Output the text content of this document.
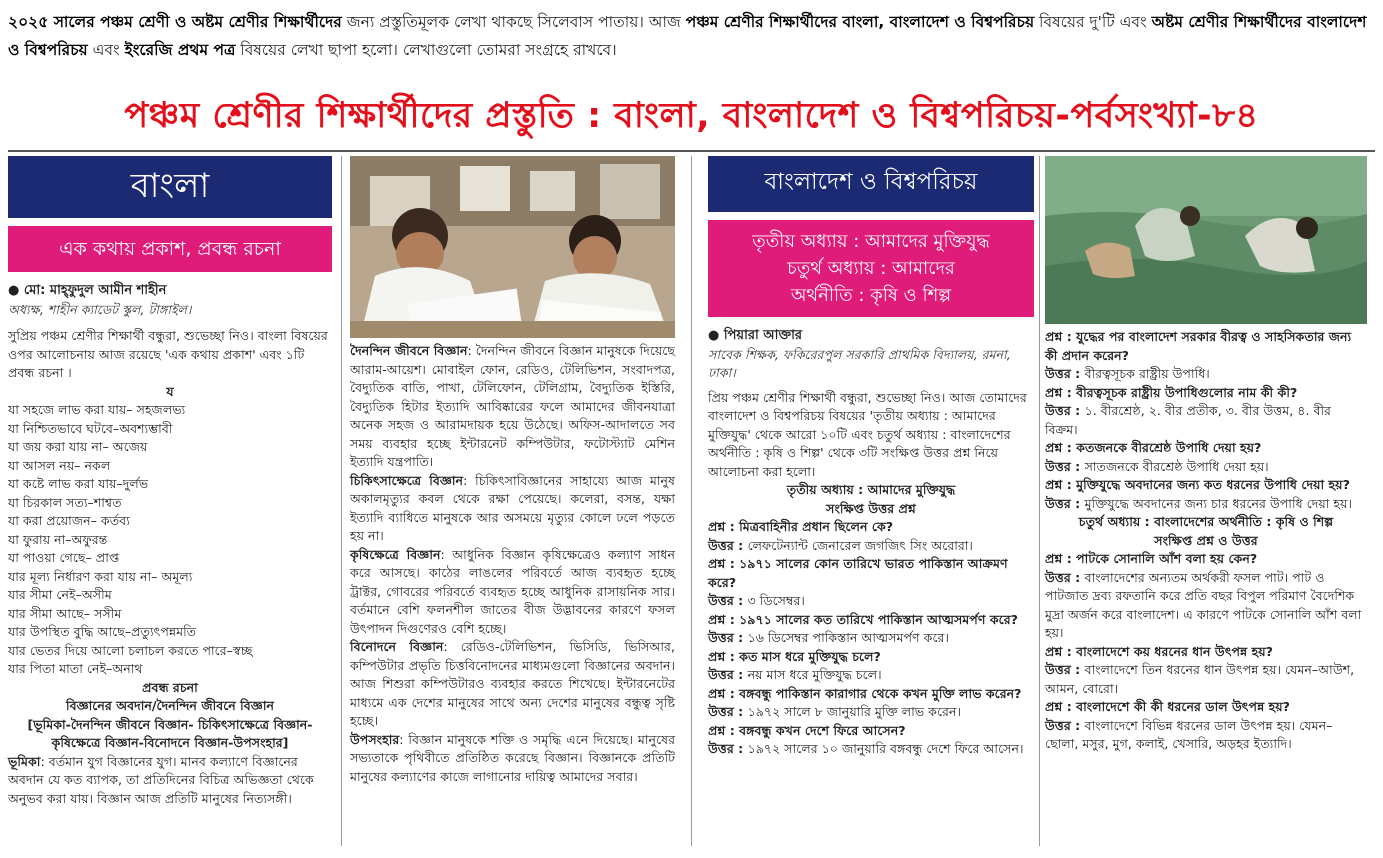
২০২৫ সালের পঞ্চম শ্রেণী ও অষ্টম শ্রেণীর শিক্ষার্থীদের জন্য প্রস্তুতিমূলক লেখা থাকছে সিলেবাস পাতায়। আজ পঞ্চম শ্রেণীর শিক্ষার্থীদের বাংলা, বাংলাদেশ ও বিশ্বপরিচয় বিষয়ের দু'টি এবং অষ্টম শ্রেণীর শিক্ষার্থীদের বাংলাদেশ ও বিশ্বপরিচয় এবং ইংরেজি প্রথম পত্র বিষয়ের লেখা ছাপা হলো। লেখাগুলো তোমরা সংগ্রহে রাখবে।
পঞ্চম শ্রেণীর শিক্ষার্থীদের প্রস্তুতি : বাংলা, বাংলাদেশ ও বিশ্বপরিচয়-পর্বসংখ্যা-৮৪
বাংলা
এক কথায় প্রকাশ, প্রবন্ধ রচনা
● মো: মাহ্ফুদুল আমীন শাহীন
অধ্যক্ষ, শাহীন ক্যাডেট স্কুল, টাঙ্গাইল।
সুপ্রিয় পঞ্চম শ্রেণীর শিক্ষার্থী বন্ধুরা, শুভেচ্ছা নিও। বাংলা বিষয়ের ওপর আলোচনায় আজ রয়েছে 'এক কথায় প্রকাশ' এবং ১টি প্রবন্ধ রচনা ।
য
যা সহজে লাভ করা যায়– সহজলভ্য
যা নিশ্চিতভাবে ঘটবে–অবশ্যম্ভাবী
যা জয় করা যায় না– অজেয়
যা আসল নয়– নকল
যা কষ্টে লাভ করা যায়–দুর্লভ
যা চিরকাল সত্য–শাশ্বত
যা করা প্রয়োজন– কর্তব্য
যা ফুরায় না–অফুরন্ত
যা পাওয়া গেছে– প্রাপ্ত
যার মূল্য নির্ধারণ করা যায় না– অমূল্য
যার সীমা নেই–অসীম
যার সীমা আছে– সসীম
যার উপস্থিত বুদ্ধি আছে–প্রত্যুৎপন্নমতি
যার ভেতর দিয়ে আলো চলাচল করতে পারে–স্বচ্ছ
যার পিতা মাতা নেই–অনাথ
প্রবন্ধ রচনা
বিজ্ঞানের অবদান/দৈনন্দিন জীবনে বিজ্ঞান
[ভূমিকা-দৈনন্দিন জীবনে বিজ্ঞান- চিকিৎসাক্ষেত্রে বিজ্ঞান-কৃষিক্ষেত্রে বিজ্ঞান-বিনোদনে বিজ্ঞান-উপসংহার]
ভূমিকা: বর্তমান যুগ বিজ্ঞানের যুগ। মানব কল্যাণে বিজ্ঞানের অবদান যে কত ব্যাপক, তা প্রতিদিনের বিচিত্র অভিজ্ঞতা থেকে অনুভব করা যায়। বিজ্ঞান আজ প্রতিটি মানুষের নিত্যসঙ্গী।
দৈনন্দিন জীবনে বিজ্ঞান: দৈনন্দিন জীবনে বিজ্ঞান মানুষকে দিয়েছে আরাম-আয়েশ। মোবাইল ফোন, রেডিও, টেলিভিশন, সংবাদপত্র, বৈদ্যুতিক বাতি, পাখা, টেলিফোন, টেলিগ্রাম, বৈদ্যুতিক ইস্তিরি, বৈদ্যুতিক হিটার ইত্যাদি আবিষ্কারের ফলে আমাদের জীবনযাত্রা অনেক সহজ ও আরামদায়ক হয়ে উঠেছে। অফিস-আদালতে সব সময় ব্যবহার হচ্ছে ইন্টারনেট কম্পিউটার, ফটোস্ট্যাট মেশিন ইত্যাদি যন্ত্রপাতি।
চিকিৎসাক্ষেত্রে বিজ্ঞান: চিকিৎসাবিজ্ঞানের সাহায্যে আজ মানুষ অকালমৃত্যুর কবল থেকে রক্ষা পেয়েছে। কলেরা, বসন্ত, যক্ষা ইত্যাদি ব্যাধিতে মানুষকে আর অসময়ে মৃত্যুর কোলে ঢলে পড়তে হয় না।
কৃষিক্ষেত্রে বিজ্ঞান: আধুনিক বিজ্ঞান কৃষিক্ষেত্রেও কল্যাণ সাধন করে আসছে। কাঠের লাঙলের পরিবর্তে আজ ব্যবহৃত হচ্ছে ট্রাক্টর, গোবরের পরিবর্তে ব্যবহৃত হচ্ছে আধুনিক রাসায়নিক সার। বর্তমানে বেশি ফলনশীল জাতের বীজ উদ্ভাবনের কারণে ফসল উৎপাদন দিগুণেরও বেশি হচ্ছে।
বিনোদনে বিজ্ঞান: রেডিও-টেলিভিশন, ভিসিডি, ভিসিআর, কম্পিউটার প্রভৃতি চিত্তবিনোদনের মাধ্যমগুলো বিজ্ঞানের অবদান। আজ শিশুরা কম্পিউটারও ব্যবহার করতে শিখেছে। ইন্টারনেটের মাধ্যমে এক দেশের মানুষের সাথে অন্য দেশের মানুষের বন্ধুত্ব সৃষ্টি হচ্ছে।
উপসংহার: বিজ্ঞান মানুষকে শক্তি ও সমৃদ্ধি এনে দিয়েছে। মানুষের সভ্যতাকে পৃথিবীতে প্রতিষ্ঠিত করেছে বিজ্ঞান। বিজ্ঞানকে প্রতিটি মানুষের কল্যাণের কাজে লাগানোর দায়িত্ব আমাদের সবার।
বাংলাদেশ ও বিশ্বপরিচয়
তৃতীয় অধ্যায় : আমাদের মুক্তিযুদ্ধ
চতুর্থ অধ্যায় : আমাদের
অর্থনীতি : কৃষি ও শিল্প
● পিয়ারা আক্তার
সাবেক শিক্ষক, ফকিরেরপুল সরকারি প্রাথমিক বিদ্যালয়, রমনা, ঢাকা।
প্রিয় পঞ্চম শ্রেণীর শিক্ষার্থী বন্ধুরা, শুভেচ্ছা নিও। আজ তোমাদের বাংলাদেশ ও বিশ্বপরিচয় বিষয়ের 'তৃতীয় অধ্যায় : আমাদের মুক্তিযুদ্ধ' থেকে আরো ১০টি এবং চতুর্থ অধ্যায় : বাংলাদেশের অর্থনীতি : কৃষি ও শিল্প' থেকে ৩টি সংক্ষিপ্ত উত্তর প্রশ্ন নিয়ে আলোচনা করা হলো।
তৃতীয় অধ্যায় : আমাদের মুক্তিযুদ্ধ
সংক্ষিপ্ত উত্তর প্রশ্ন
প্রশ্ন : মিত্রবাহিনীর প্রধান ছিলেন কে?
উত্তর : লেফটেন্যান্ট জেনারেল জগজিৎ সিং অরোরা।
প্রশ্ন : ১৯৭১ সালের কোন তারিখে ভারত পাকিস্তান আক্রমণ করে?
উত্তর : ৩ ডিসেম্বর।
প্রশ্ন : ১৯৭১ সালের কত তারিখে পাকিস্তান আত্মসমর্পণ করে?
উত্তর : ১৬ ডিসেম্বর পাকিস্তান আত্মসমর্পণ করে।
প্রশ্ন : কত মাস ধরে মুক্তিযুদ্ধ চলে?
উত্তর : নয় মাস ধরে মুক্তিযুদ্ধ চলে।
প্রশ্ন : বঙ্গবন্ধু পাকিস্তান কারাগার থেকে কখন মুক্তি লাভ করেন?
উত্তর : ১৯৭২ সালে ৮ জানুয়ারি মুক্তি লাভ করেন।
প্রশ্ন : বঙ্গবন্ধু কখন দেশে ফিরে আসেন?
উত্তর : ১৯৭২ সালের ১০ জানুয়ারি বঙ্গবন্ধু দেশে ফিরে আসেন।
প্রশ্ন : যুদ্ধের পর বাংলাদেশ সরকার বীরত্ব ও সাহসিকতার জন্য কী প্রদান করেন?
উত্তর : বীরত্বসূচক রাষ্ট্রীয় উপাধি।
প্রশ্ন : বীরত্বসূচক রাষ্ট্রীয় উপাধিগুলোর নাম কী কী?
উত্তর : ১. বীরশ্রেষ্ঠ, ২. বীর প্রতীক, ৩. বীর উত্তম, ৪. বীর বিক্রম।
প্রশ্ন : কতজনকে বীরশ্রেষ্ঠ উপাধি দেয়া হয়?
উত্তর : সাতজনকে বীরশ্রেষ্ঠ উপাধি দেয়া হয়।
প্রশ্ন : মুক্তিযুদ্ধে অবদানের জন্য কত ধরনের উপাধি দেয়া হয়?
উত্তর : মুক্তিযুদ্ধে অবদানের জন্য চার ধরনের উপাধি দেয়া হয়।
চতুর্থ অধ্যায় : বাংলাদেশের অর্থনীতি : কৃষি ও শিল্প
সংক্ষিপ্ত প্রশ্ন ও উত্তর
প্রশ্ন : পাটকে সোনালি আঁশ বলা হয় কেন?
উত্তর : বাংলাদেশের অন্যতম অর্থকরী ফসল পাট। পাট ও পাটজাত দ্রব্য রফতানি করে প্রতি বছর বিপুল পরিমাণ বৈদেশিক মুদ্রা অর্জন করে বাংলাদেশ। এ কারণে পাটকে সোনালি আঁশ বলা হয়।
প্রশ্ন : বাংলাদেশে কয় ধরনের ধান উৎপন্ন হয়?
উত্তর : বাংলাদেশে তিন ধরনের ধান উৎপন্ন হয়। যেমন–আউশ, আমন, বোরো।
প্রশ্ন : বাংলাদেশে কী কী ধরনের ডাল উৎপন্ন হয়?
উত্তর : বাংলাদেশে বিভিন্ন ধরনের ডাল উৎপন্ন হয়। যেমন– ছোলা, মসুর, মুগ, কলাই, খেসারি, অড়হর ইত্যাদি।
